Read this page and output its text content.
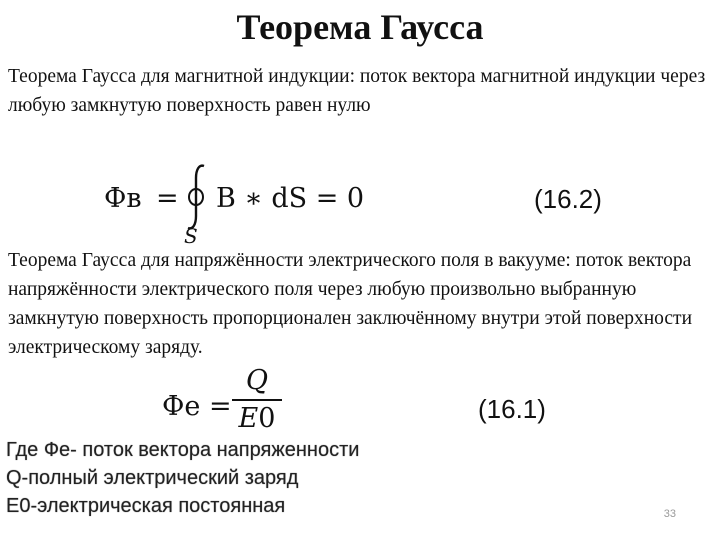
Теорема Гаусса
Теорема Гаусса для магнитной индукции: поток вектора магнитной индукции через любую замкнутую поверхность равен нулю
Фв =
S
B ∗ dS = 0	(16.2)
Теорема Гаусса для напряжённости электрического поля в вакууме: поток вектора напряжённости электрического поля через любую произвольно выбранную замкнутую поверхность пропорционален заключённому внутри этой поверхности электрическому заряду.
Фе =
Q
E0	(16.1)
Где Фе- поток вектора напряженности
Q-полный электрический заряд
E0-электрическая постоянная	33
